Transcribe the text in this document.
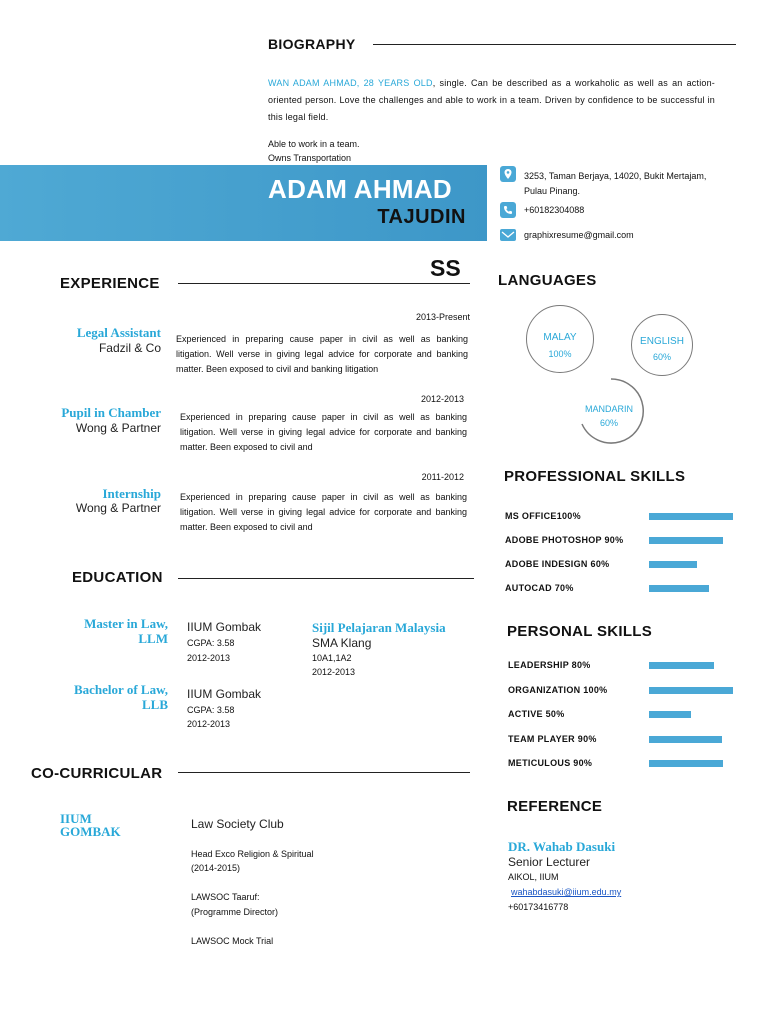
BIOGRAPHY
WAN ADAM AHMAD, 28 YEARS OLD, single. Can be described as a workaholic as well as an action-oriented person. Love the challenges and able to work in a team. Driven by confidence to be successful in this legal field.
Able to work in a team.
Owns Transportation
ADAM AHMAD
TAJUDIN
3253, Taman Berjaya, 14020, Bukit Mertajam, Pulau Pinang.
+60182304088
graphixresume@gmail.com
SS
EXPERIENCE
2013-Present
Legal Assistant
Fadzil & Co
Experienced in preparing cause paper in civil as well as banking litigation. Well verse in giving legal advice for corporate and banking matter. Been exposed to civil and banking litigation
2012-2013
Pupil in Chamber
Wong & Partner
Experienced in preparing cause paper in civil as well as banking litigation. Well verse in giving legal advice for corporate and banking matter. Been exposed to civil and
2011-2012
Internship
Wong & Partner
Experienced in preparing cause paper in civil as well as banking litigation. Well verse in giving legal advice for corporate and banking matter. Been exposed to civil and
EDUCATION
Master in Law, LLM
IIUM Gombak
CGPA: 3.58
2012-2013
Bachelor of Law, LLB
IIUM Gombak
CGPA: 3.58
2012-2013
Sijil Pelajaran Malaysia
SMA Klang
10A1,1A2
2012-2013
CO-CURRICULAR
IIUM GOMBAK	Law Society Club
Head Exco Religion & Spiritual
(2014-2015)
LAWSOC Taaruf:
(Programme Director)
LAWSOC Mock Trial
LANGUAGES
MALAY
100%
ENGLISH
60%
MANDARIN
60%
PROFESSIONAL SKILLS
MS OFFICE100%
ADOBE PHOTOSHOP 90%
ADOBE INDESIGN 60%
AUTOCAD 70%
PERSONAL SKILLS
LEADERSHIP 80%
ORGANIZATION 100%
ACTIVE 50%
TEAM PLAYER 90%
METICULOUS 90%
REFERENCE
DR. Wahab Dasuki
Senior Lecturer
AIKOL, IIUM
wahabdasuki@iium.edu.my
+60173416778
